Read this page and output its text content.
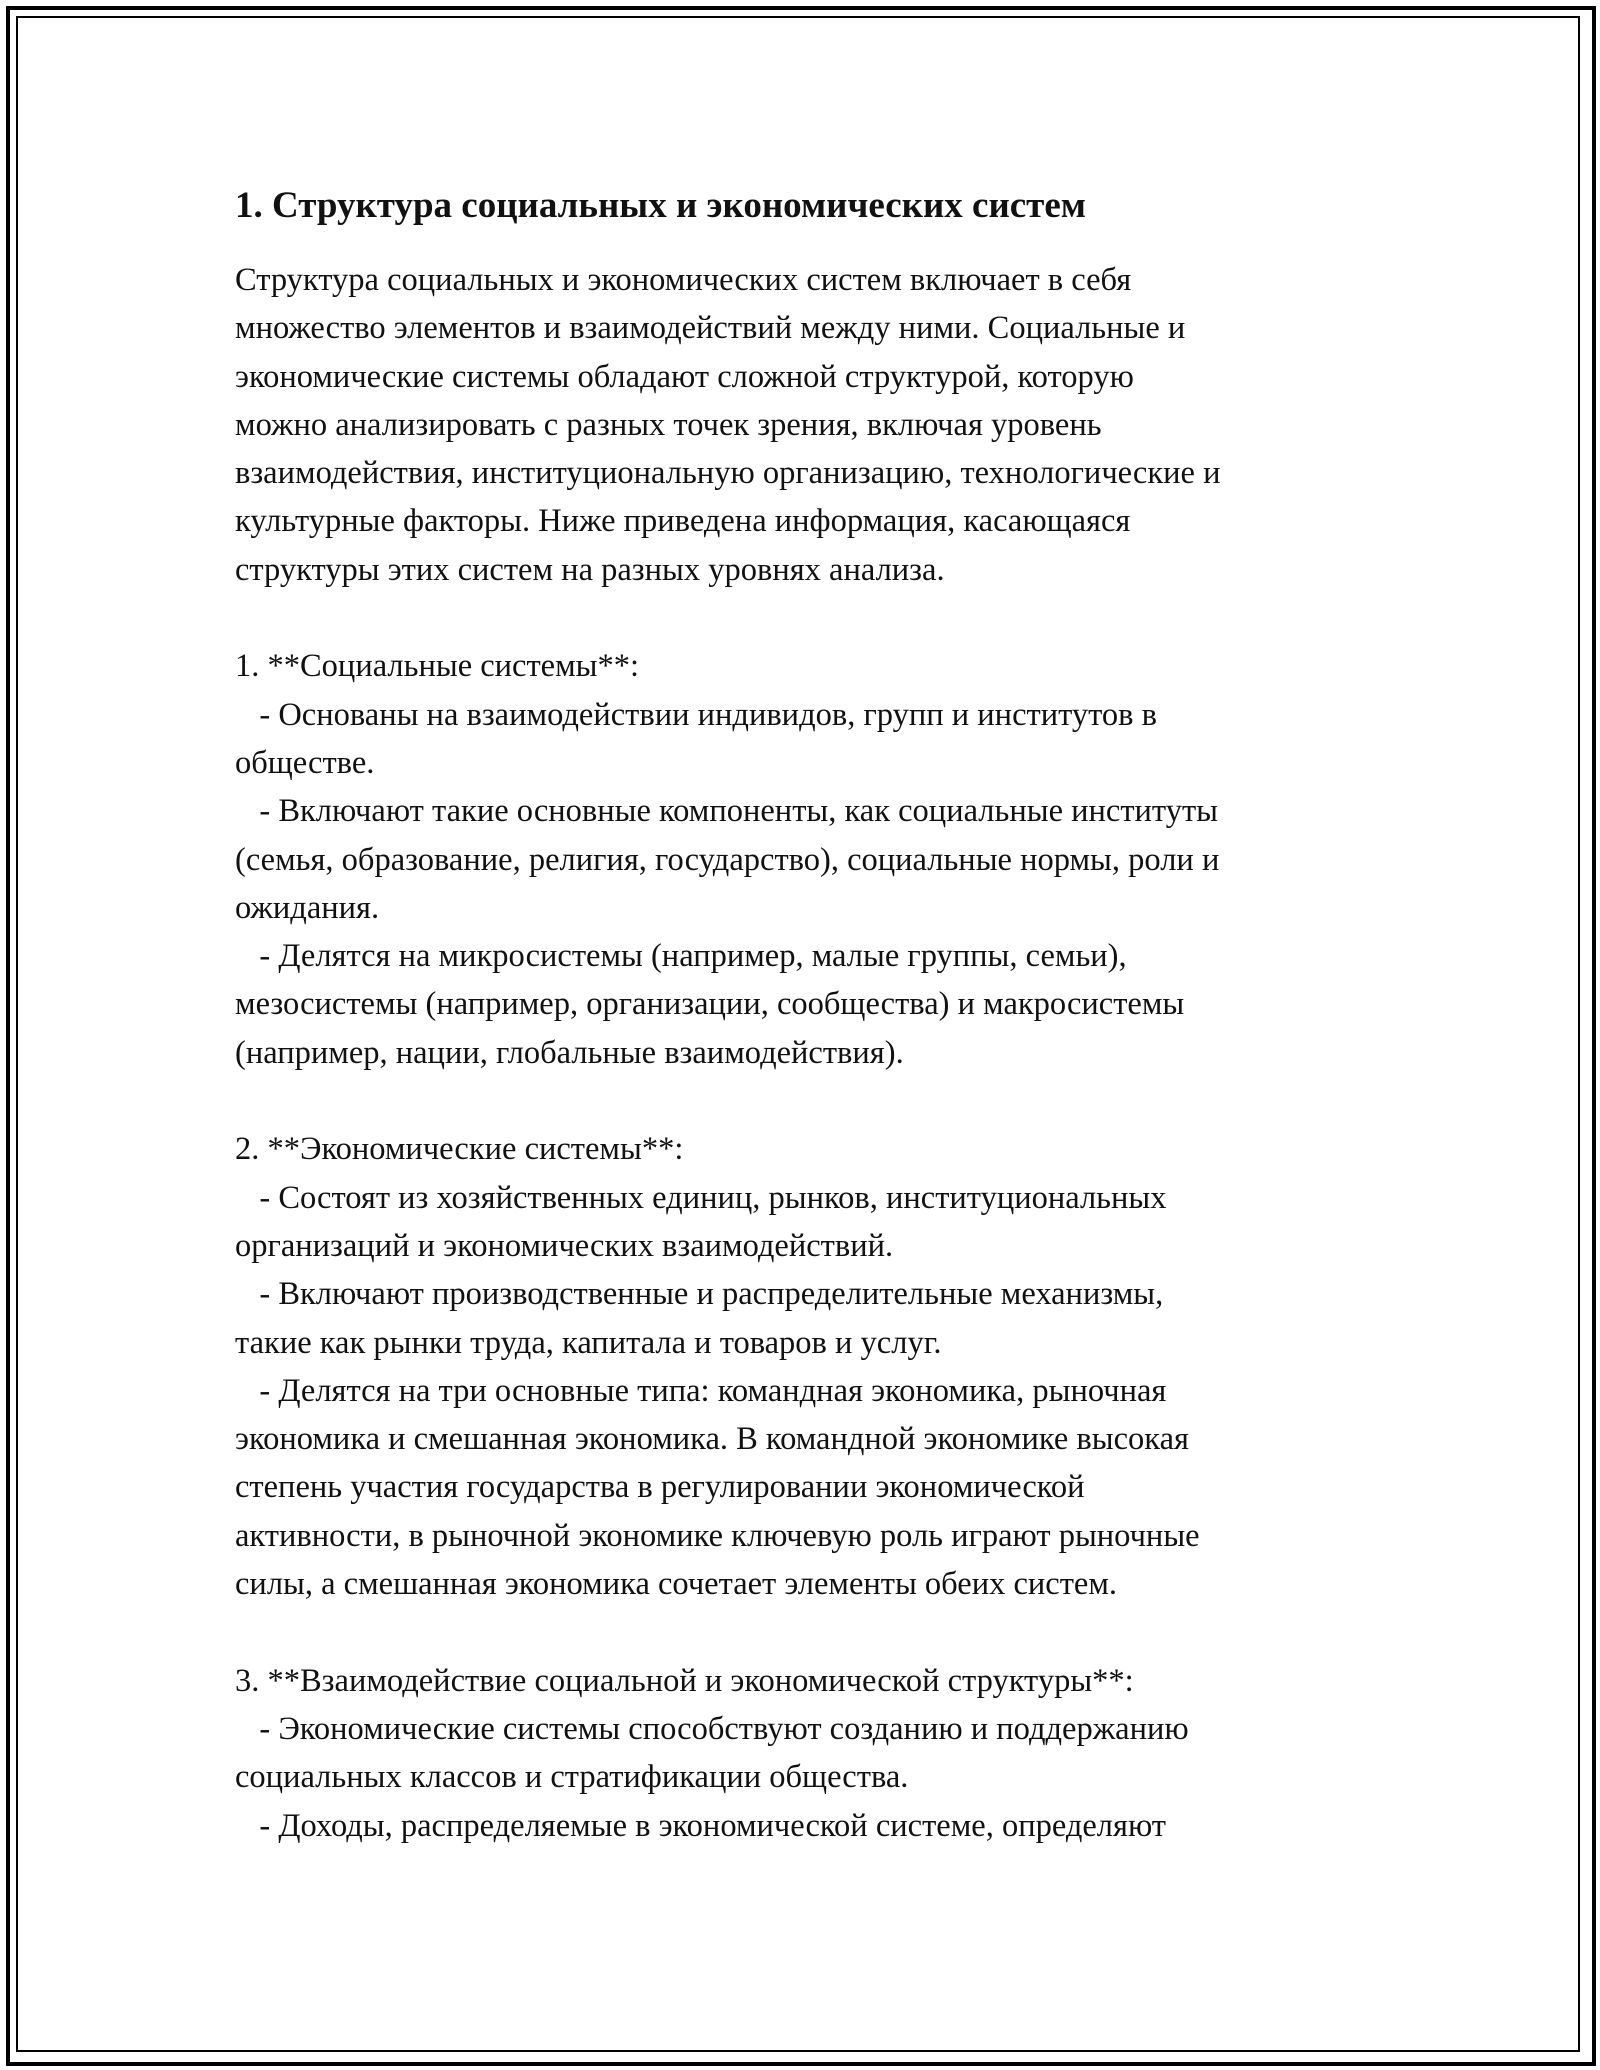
1. Структура социальных и экономических систем

Структура социальных и экономических систем включает в себя
множество элементов и взаимодействий между ними. Социальные и
экономические системы обладают сложной структурой, которую
можно анализировать с разных точек зрения, включая уровень
взаимодействия, институциональную организацию, технологические и
культурные факторы. Ниже приведена информация, касающаяся
структуры этих систем на разных уровнях анализа.

1. **Социальные системы**:
- Основаны на взаимодействии индивидов, групп и институтов в
обществе.
- Включают такие основные компоненты, как социальные институты
(семья, образование, религия, государство), социальные нормы, роли и
ожидания.
- Делятся на микросистемы (например, малые группы, семьи),
мезосистемы (например, организации, сообщества) и макросистемы
(например, нации, глобальные взаимодействия).

2. **Экономические системы**:
- Состоят из хозяйственных единиц, рынков, институциональных
организаций и экономических взаимодействий.
- Включают производственные и распределительные механизмы,
такие как рынки труда, капитала и товаров и услуг.
- Делятся на три основные типа: командная экономика, рыночная
экономика и смешанная экономика. В командной экономике высокая
степень участия государства в регулировании экономической
активности, в рыночной экономике ключевую роль играют рыночные
силы, а смешанная экономика сочетает элементы обеих систем.

3. **Взаимодействие социальной и экономической структуры**:
- Экономические системы способствуют созданию и поддержанию
социальных классов и стратификации общества.
- Доходы, распределяемые в экономической системе, определяют
